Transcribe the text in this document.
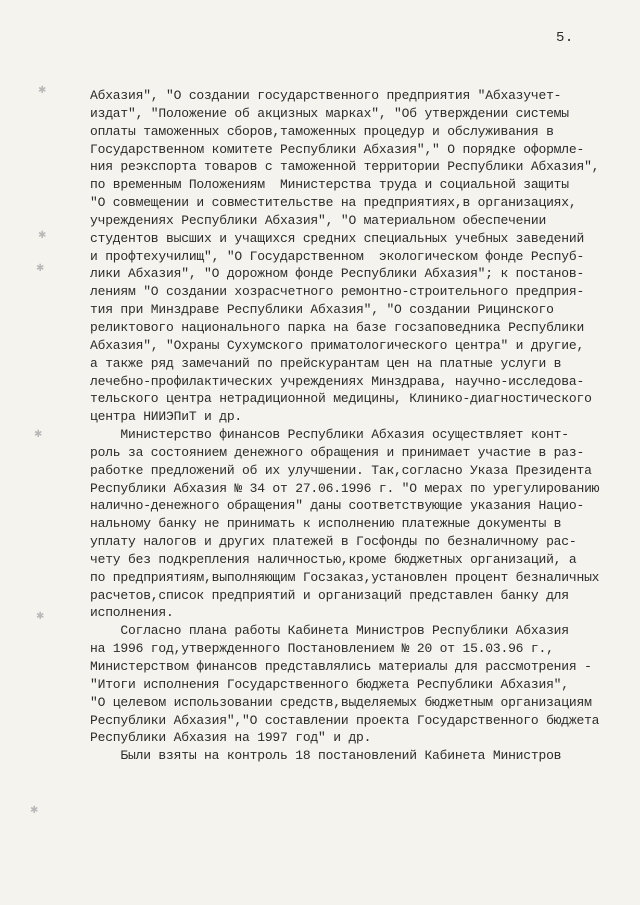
5.
✱
✱
✱
✱
✱
✱
Абхазия", "О создании государственного предприятия "Абхазучет-
издат", "Положение об акцизных марках", "Об утверждении системы
оплаты таможенных сборов,таможенных процедур и обслуживания в
Государственном комитете Республики Абхазия"," О порядке оформле-
ния реэкспорта товаров с таможенной территории Республики Абхазия",
по временным Положениям  Министерства труда и социальной защиты
"О совмещении и совместительстве на предприятиях,в организациях,
учреждениях Республики Абхазия", "О материальном обеспечении
студентов высших и учащихся средних специальных учебных заведений
и профтехучилищ", "О Государственном  экологическом фонде Респуб-
лики Абхазия", "О дорожном фонде Республики Абхазия"; к постанов-
лениям "О создании хозрасчетного ремонтно-строительного предприя-
тия при Минздраве Республики Абхазия", "О создании Рицинского
реликтового национального парка на базе госзаповедника Республики
Абхазия", "Охраны Сухумского приматологического центра" и другие,
а также ряд замечаний по прейскурантам цен на платные услуги в
лечебно-профилактических учреждениях Минздрава, научно-исследова-
тельского центра нетрадиционной медицины, Клинико-диагностического
центра НИИЭПиТ и др.
Министерство финансов Республики Абхазия осуществляет конт-
роль за состоянием денежного обращения и принимает участие в раз-
работке предложений об их улучшении. Так,согласно Указа Президента
Республики Абхазия № 34 от 27.06.1996 г. "О мерах по урегулированию
налично-денежного обращения" даны соответствующие указания Нацио-
нальному банку не принимать к исполнению платежные документы в
уплату налогов и других платежей в Госфонды по безналичному рас-
чету без подкрепления наличностью,кроме бюджетных организаций, а
по предприятиям,выполняющим Госзаказ,установлен процент безналичных
расчетов,список предприятий и организаций представлен банку для
исполнения.
Согласно плана работы Кабинета Министров Республики Абхазия
на 1996 год,утвержденного Постановлением № 20 от 15.03.96 г.,
Министерством финансов представлялись материалы для рассмотрения -
"Итоги исполнения Государственного бюджета Республики Абхазия",
"О целевом использовании средств,выделяемых бюджетным организациям
Республики Абхазия","О составлении проекта Государственного бюджета
Республики Абхазия на 1997 год" и др.
Были взяты на контроль 18 постановлений Кабинета Министров
